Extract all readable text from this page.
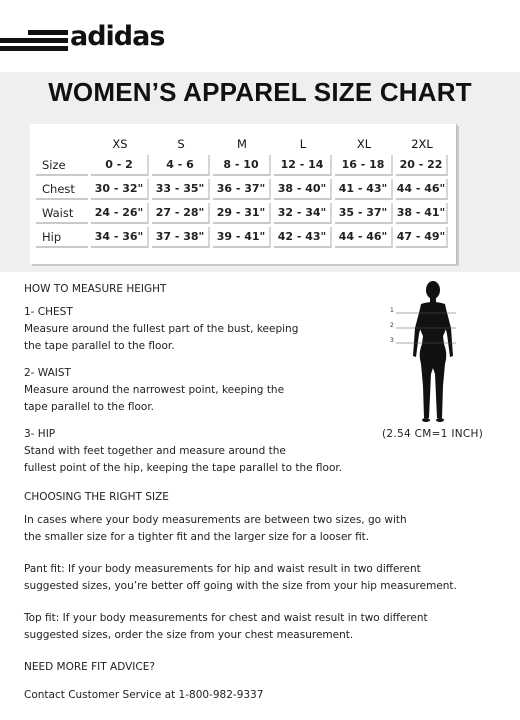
adidas
WOMEN’S APPAREL SIZE CHART
	XS	S	M	L	XL	2XL
Size	0 - 2	4 - 6	8 - 10	12 - 14	16 - 18	20 - 22
Chest	30 - 32"	33 - 35"	36 - 37"	38 - 40"	41 - 43"	44 - 46"
Waist	24 - 26"	27 - 28"	29 - 31"	32 - 34"	35 - 37"	38 - 41"
Hip	34 - 36"	37 - 38"	39 - 41"	42 - 43"	44 - 46"	47 - 49"
HOW TO MEASURE HEIGHT
1- CHEST
Measure around the fullest part of the bust, keeping
the tape parallel to the floor.
2- WAIST
Measure around the narrowest point, keeping the
tape parallel to the floor.
3- HIP
Stand with feet together and measure around the
fullest point of the hip, keeping the tape parallel to the floor.
1
2
3
(2.54 CM=1 INCH)
CHOOSING THE RIGHT SIZE
In cases where your body measurements are between two sizes, go with
the smaller size for a tighter fit and the larger size for a looser fit.
Pant fit: If your body measurements for hip and waist result in two different
suggested sizes, you’re better off going with the size from your hip measurement.
Top fit: If your body measurements for chest and waist result in two different
suggested sizes, order the size from your chest measurement.
NEED MORE FIT ADVICE?
Contact Customer Service at 1-800-982-9337
